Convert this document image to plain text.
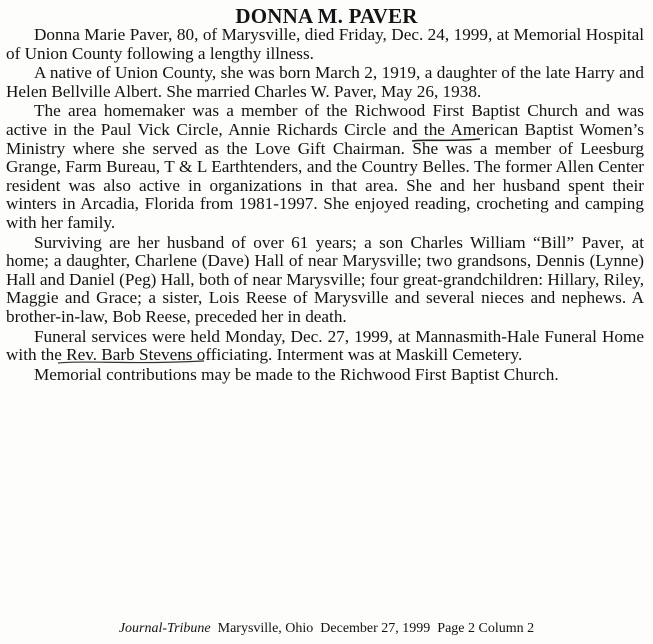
DONNA M. PAVER

Donna Marie Paver, 80, of Marysville, died Friday, Dec. 24, 1999, at Memorial Hospital of Union County following a lengthy illness.

A native of Union County, she was born March 2, 1919, a daughter of the late Harry and Helen Bellville Albert. She married Charles W. Paver, May 26, 1938.

The area homemaker was a member of the Richwood First Baptist Church and was active in the Paul Vick Circle, Annie Richards Circle and the American Baptist Women’s Ministry where she served as the Love Gift Chairman. She was a member of Leesburg Grange, Farm Bureau, T & L Earthtenders, and the Country Belles. The former Allen Center resident was also active in organizations in that area. She and her husband spent their winters in Arcadia, Florida from 1981-1997. She enjoyed reading, crocheting and camping with her family.

Surviving are her husband of over 61 years; a son Charles William “Bill” Paver, at home; a daughter, Charlene (Dave) Hall of near Marysville; two grandsons, Dennis (Lynne) Hall and Daniel (Peg) Hall, both of near Marysville; four great-grandchildren: Hillary, Riley, Maggie and Grace; a sister, Lois Reese of Marysville and several nieces and nephews. A brother-in-law, Bob Reese, preceded her in death.

Funeral services were held Monday, Dec. 27, 1999, at Mannasmith-Hale Funeral Home with the Rev. Barb Stevens officiating. Interment was at Maskill Cemetery.

Memorial contributions may be made to the Richwood First Baptist Church.

Journal-Tribune Marysville, Ohio  December 27, 1999  Page 2 Column 2
